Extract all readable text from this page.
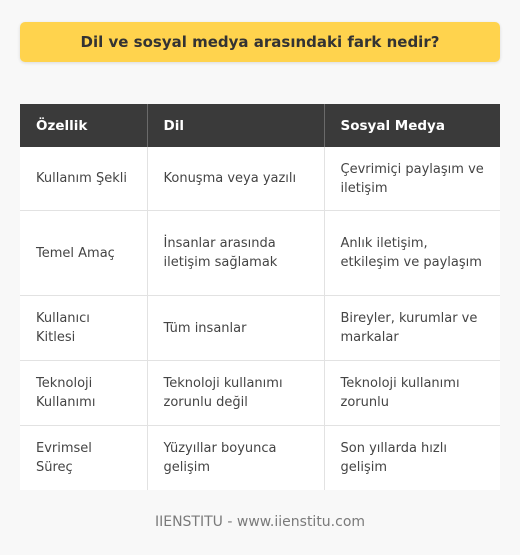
Dil ve sosyal medya arasındaki fark nedir?
Özellik	Dil	Sosyal Medya
Kullanım Şekli	Konuşma veya yazılı	Çevrimiçi paylaşım ve iletişim
Temel Amaç	İnsanlar arasında iletişim sağlamak	Anlık iletişim, etkileşim ve paylaşım
Kullanıcı Kitlesi	Tüm insanlar	Bireyler, kurumlar ve markalar
Teknoloji Kullanımı	Teknoloji kullanımı zorunlu değil	Teknoloji kullanımı zorunlu
Evrimsel Süreç	Yüzyıllar boyunca gelişim	Son yıllarda hızlı gelişim
IIENSTITU - www.iienstitu.com
